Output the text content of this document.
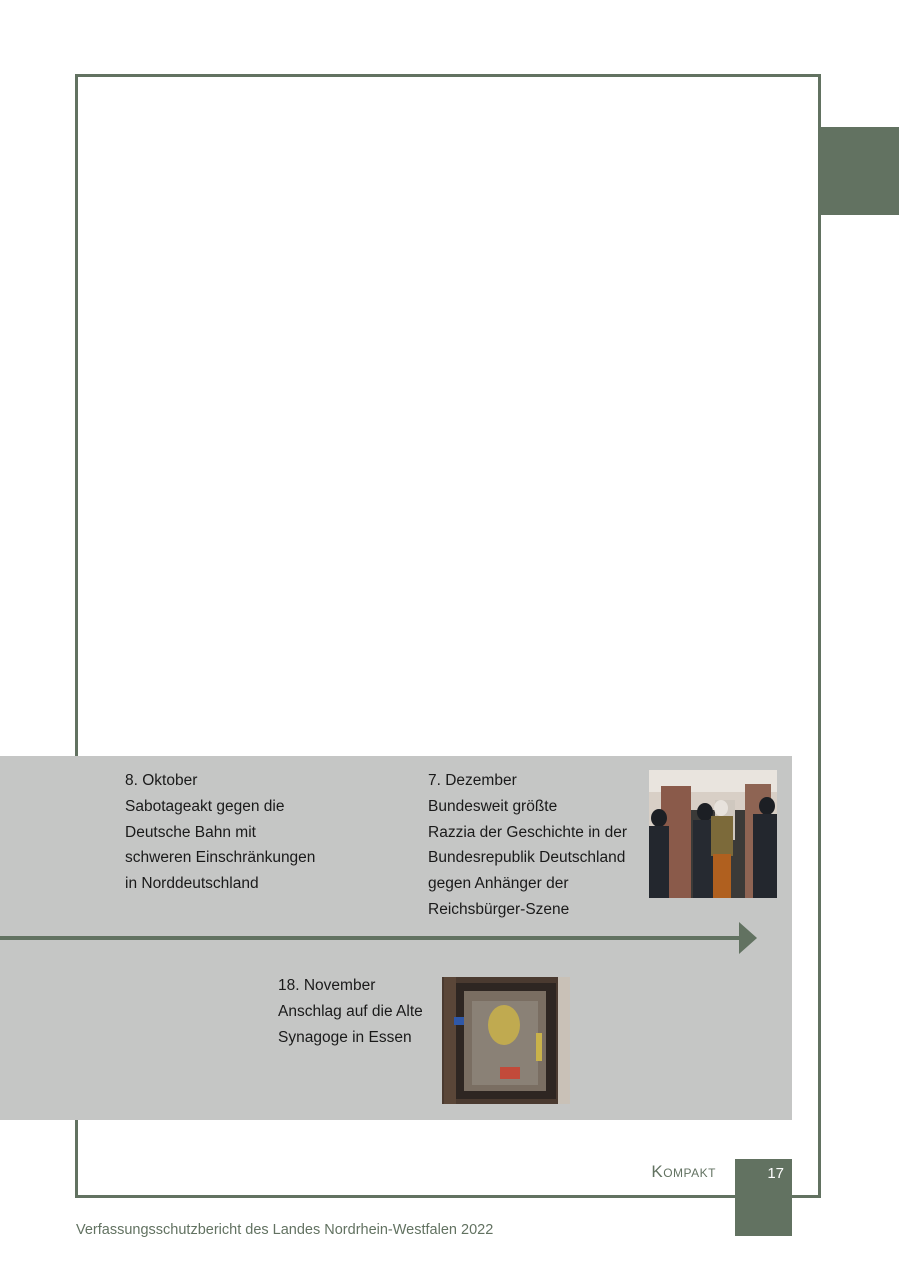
8. Oktober
Sabotageakt gegen die
Deutsche Bahn mit
schweren Einschränkungen
in Norddeutschland
7. Dezember
Bundesweit größte
Razzia der Geschichte in der
Bundesrepublik Deutschland
gegen Anhänger der
Reichsbürger-Szene
18. November
Anschlag auf die Alte
Synagoge in Essen
Kompakt	17
Verfassungsschutzbericht des Landes Nordrhein-Westfalen 2022
